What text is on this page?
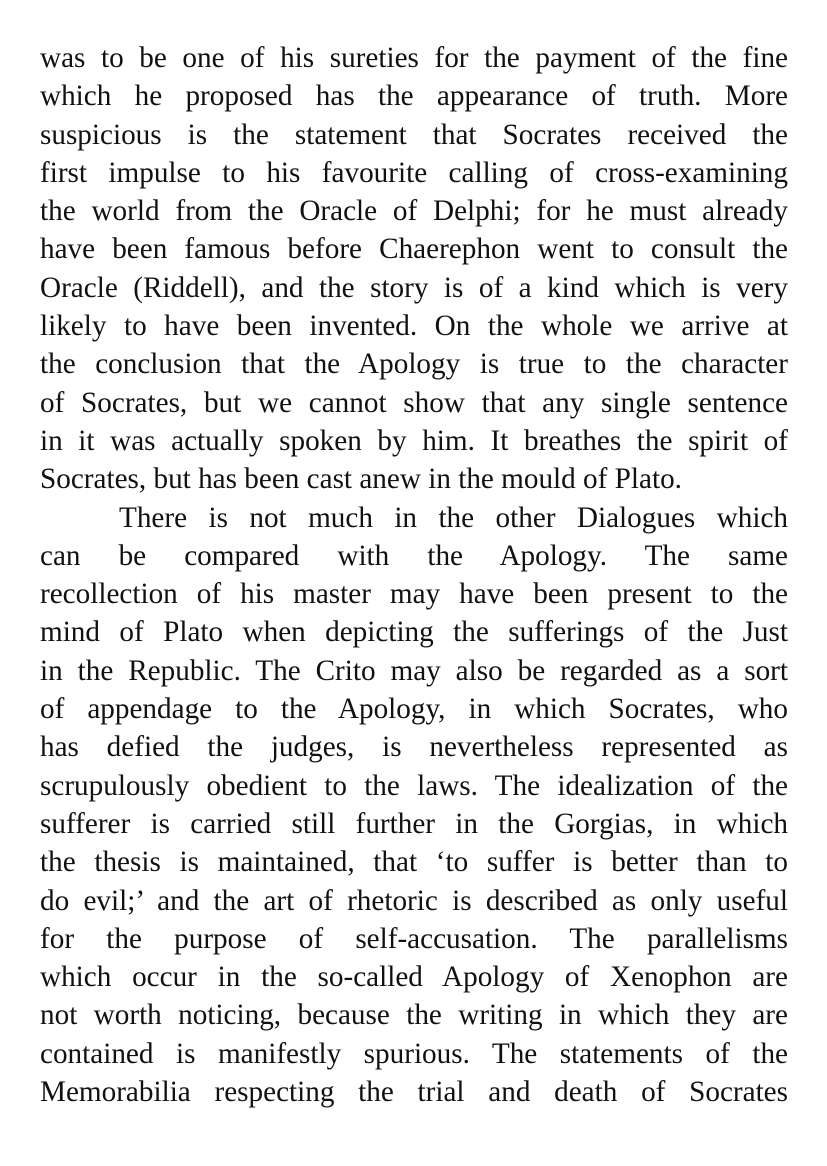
was to be one of his sureties for the payment of the fine
which he proposed has the appearance of truth. More
suspicious is the statement that Socrates received the
first impulse to his favourite calling of cross-examining
the world from the Oracle of Delphi; for he must already
have been famous before Chaerephon went to consult the
Oracle (Riddell), and the story is of a kind which is very
likely to have been invented. On the whole we arrive at
the conclusion that the Apology is true to the character
of Socrates, but we cannot show that any single sentence
in it was actually spoken by him. It breathes the spirit of
Socrates, but has been cast anew in the mould of Plato.
There is not much in the other Dialogues which
can be compared with the Apology. The same
recollection of his master may have been present to the
mind of Plato when depicting the sufferings of the Just
in the Republic. The Crito may also be regarded as a sort
of appendage to the Apology, in which Socrates, who
has defied the judges, is nevertheless represented as
scrupulously obedient to the laws. The idealization of the
sufferer is carried still further in the Gorgias, in which
the thesis is maintained, that ‘to suffer is better than to
do evil;’ and the art of rhetoric is described as only useful
for the purpose of self-accusation. The parallelisms
which occur in the so-called Apology of Xenophon are
not worth noticing, because the writing in which they are
contained is manifestly spurious. The statements of the
Memorabilia respecting the trial and death of Socrates
